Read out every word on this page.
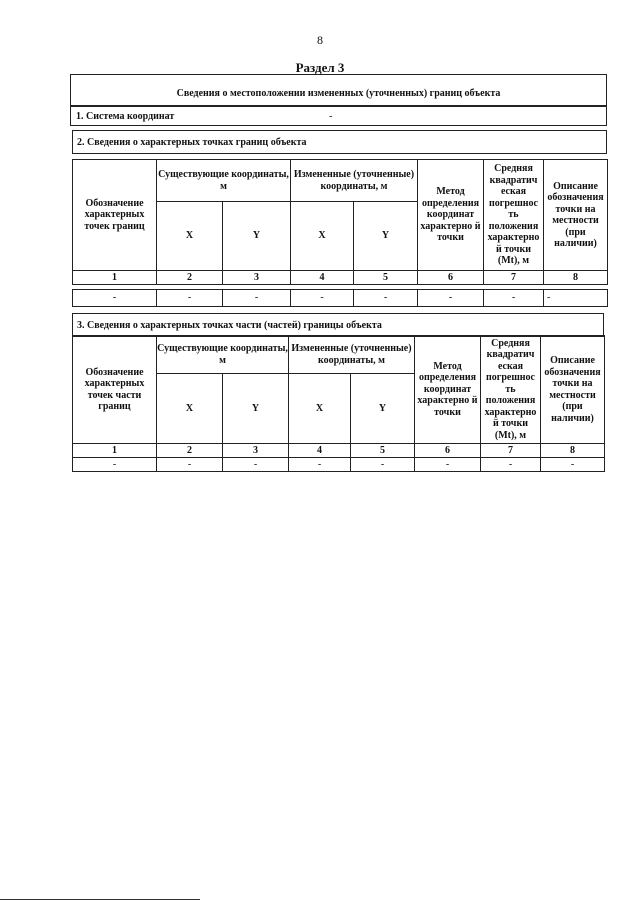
8
Раздел 3
Сведения о местоположении измененных (уточненных) границ объекта
1. Система координат	-
2. Сведения о характерных точках границ объекта
Обозначение характерных точек границ	Существующие координаты, м		Измененные (уточненные) координаты, м		Метод определения координат характерно й точки	Средняя квадратич еская погрешнос ть положения характерно й точки (Mt), м	Описание обозначения точки на местности (при наличии)
	X	Y	X	Y			
1	2	3	4	5	6	7	8

-	-	-	-	-	-	-	-
3. Сведения о характерных точках части (частей) границы объекта
Обозначение характерных точек части границ	Существующие координаты, м		Измененные (уточненные) координаты, м		Метод определения координат характерно й точки	Средняя квадратич еская погрешнос ть положения характерно й точки (Mt), м	Описание обозначения точки на местности (при наличии)
	X	Y	X	Y			
1	2	3	4	5	6	7	8
-	-	-	-	-	-	-	-
